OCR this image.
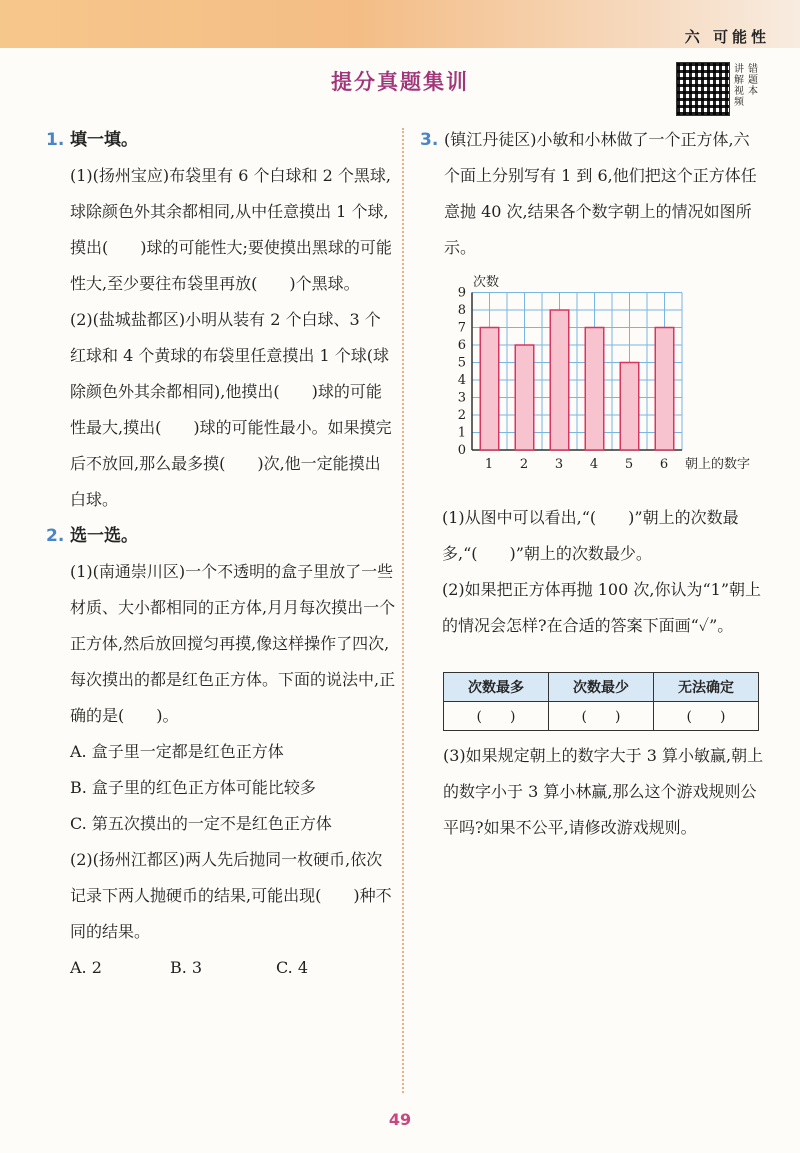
六 可能性
提分真题集训
讲解视频
错题本
1. 填一填。
(1)(扬州宝应)布袋里有 6 个白球和 2 个黑球,球除颜色外其余都相同,从中任意摸出 1 个球,摸出(　　)球的可能性大;要使摸出黑球的可能性大,至少要往布袋里再放(　　)个黑球。
(2)(盐城盐都区)小明从装有 2 个白球、3 个红球和 4 个黄球的布袋里任意摸出 1 个球(球除颜色外其余都相同),他摸出(　　)球的可能性最大,摸出(　　)球的可能性最小。如果摸完后不放回,那么最多摸(　　)次,他一定能摸出白球。
2. 选一选。
(1)(南通崇川区)一个不透明的盒子里放了一些材质、大小都相同的正方体,月月每次摸出一个正方体,然后放回搅匀再摸,像这样操作了四次,每次摸出的都是红色正方体。下面的说法中,正确的是(　　)。
A. 盒子里一定都是红色正方体
B. 盒子里的红色正方体可能比较多
C. 第五次摸出的一定不是红色正方体
(2)(扬州江都区)两人先后抛同一枚硬币,依次记录下两人抛硬币的结果,可能出现(　　)种不同的结果。
A. 2	B. 3	C. 4
3. (镇江丹徒区)小敏和小林做了一个正方体,六个面上分别写有 1 到 6,他们把这个正方体任意抛 40 次,结果各个数字朝上的情况如图所示。
(1)从图中可以看出,“(　　)”朝上的次数最多,“(　　)”朝上的次数最少。
(2)如果把正方体再抛 100 次,你认为“1”朝上的情况会怎样?在合适的答案下面画“✓”。
1 2 3 4 5 6
0
1
2
3
4
5
6
7
8
9
次数
朝上的数字
次数最多	次数最少	无法确定
(　　)	(　　)	(　　)
(3)如果规定朝上的数字大于 3 算小敏赢,朝上的数字小于 3 算小林赢,那么这个游戏规则公平吗?如果不公平,请修改游戏规则。
49
